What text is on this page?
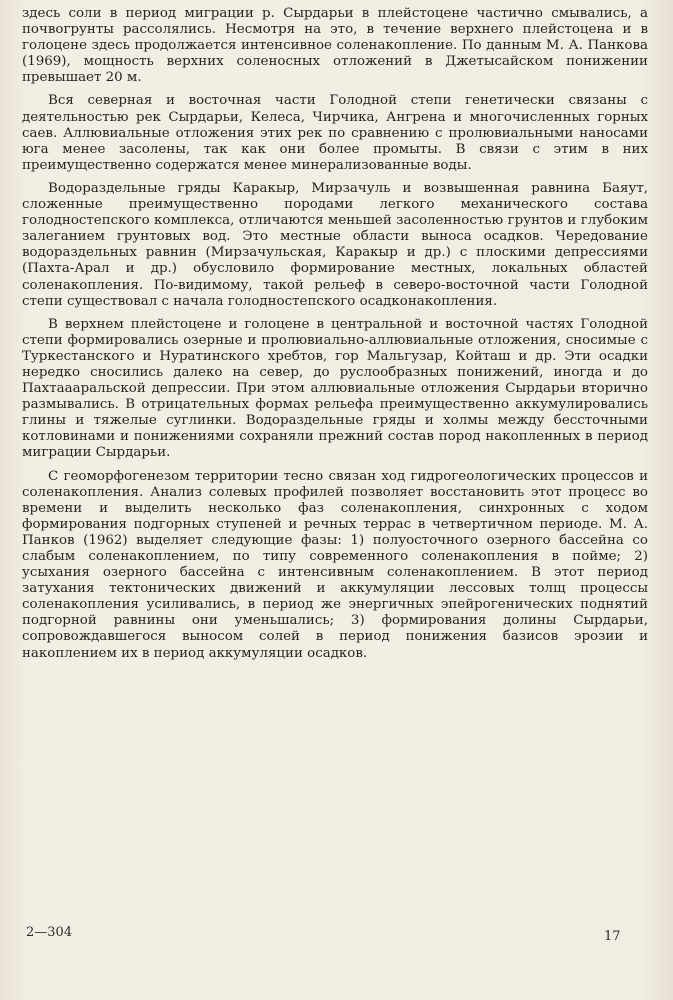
здесь соли в период миграции р. Сырдарьи в плейстоцене частично смывались, а почвогрунты рассолялись. Несмотря на это, в течение верхнего плейстоцена и в голоцене здесь продолжается интенсивное соленакопление. По данным М. А. Панкова (1969), мощность верхних соленосных отложений в Джетысайском понижении превышает 20 м.

Вся северная и восточная части Голодной степи генетически связаны с деятельностью рек Сырдарьи, Келеса, Чирчика, Ангрена и многочисленных горных саев. Аллювиальные отложения этих рек по сравнению с пролювиальными наносами юга менее засолены, так как они более промыты. В связи с этим в них преимущественно содержатся менее минерализованные воды.

Водораздельные гряды Каракыр, Мирзачуль и возвышенная равнина Баяут, сложенные преимущественно породами легкого механического состава голодностепского комплекса, отличаются меньшей засоленностью грунтов и глубоким залеганием грунтовых вод. Это местные области выноса осадков. Чередование водораздельных равнин (Мирзачульская, Каракыр и др.) с плоскими депрессиями (Пахта-Арал и др.) обусловило формирование местных, локальных областей соленакопления. По-видимому, такой рельеф в северо-восточной части Голодной степи существовал с начала голодностепского осадконакопления.

В верхнем плейстоцене и голоцене в центральной и восточной частях Голодной степи формировались озерные и пролювиально-аллювиальные отложения, сносимые с Туркестанского и Нуратинского хребтов, гор Мальгузар, Койташ и др. Эти осадки нередко сносились далеко на север, до руслообразных понижений, иногда и до Пахтаааральской депрессии. При этом аллювиальные отложения Сырдарьи вторично размывались. В отрицательных формах рельефа преимущественно аккумулировались глины и тяжелые суглинки. Водораздельные гряды и холмы между бессточными котловинами и понижениями сохраняли прежний состав пород накопленных в период миграции Сырдарьи.

С геоморфогенезом территории тесно связан ход гидрогеологических процессов и соленакопления. Анализ солевых профилей позволяет восстановить этот процесс во времени и выделить несколько фаз соленакопления, синхронных с ходом формирования подгорных ступеней и речных террас в четвертичном периоде. М. А. Панков (1962) выделяет следующие фазы: 1) полуосточного озерного бассейна со слабым соленакоплением, по типу современного соленакопления в пойме; 2) усыхания озерного бассейна с интенсивным соленакоплением. В этот период затухания тектонических движений и аккумуляции лессовых толщ процессы соленакопления усиливались, в период же энергичных эпейрогенических поднятий подгорной равнины они уменьшались; 3) формирования долины Сырдарьи, сопровождавшегося выносом солей в период понижения базисов эрозии и накоплением их в период аккумуляции осадков.

2—304	17
